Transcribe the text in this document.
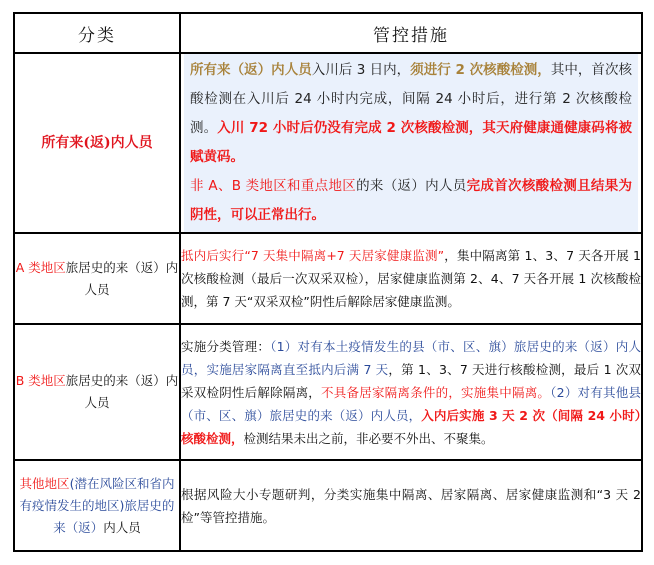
分类	管控措施
所有来(返)内人员	所有来（返）内人员入川后 3 日内，须进行 2 次核酸检测，其中，首次核酸检测在入川后 24 小时内完成，间隔 24 小时后，进行第 2 次核酸检测。入川 72 小时后仍没有完成 2 次核酸检测，其天府健康通健康码将被赋黄码。
非 A、B 类地区和重点地区的来（返）内人员完成首次核酸检测且结果为阴性，可以正常出行。

A 类地区旅居史的来（返）内人员	抵内后实行“7 天集中隔离+7 天居家健康监测”，集中隔离第 1、3、7 天各开展 1 次核酸检测（最后一次双采双检），居家健康监测第 2、4、7 天各开展 1 次核酸检测，第 7 天“双采双检”阴性后解除居家健康监测。
B 类地区旅居史的来（返）内人员	实施分类管理：（1）对有本土疫情发生的县（市、区、旗）旅居史的来（返）内人员，实施居家隔离直至抵内后满 7 天，第 1、3、7 天进行核酸检测，最后 1 次双采双检阴性后解除隔离，不具备居家隔离条件的，实施集中隔离。（2）对有其他县（市、区、旗）旅居史的来（返）内人员，入内后实施 3 天 2 次（间隔 24 小时）核酸检测，检测结果未出之前，非必要不外出、不聚集。
其他地区(潜在风险区和省内有疫情发生的地区)旅居史的来（返）内人员	根据风险大小专题研判，分类实施集中隔离、居家隔离、居家健康监测和“3 天 2 检”等管控措施。
